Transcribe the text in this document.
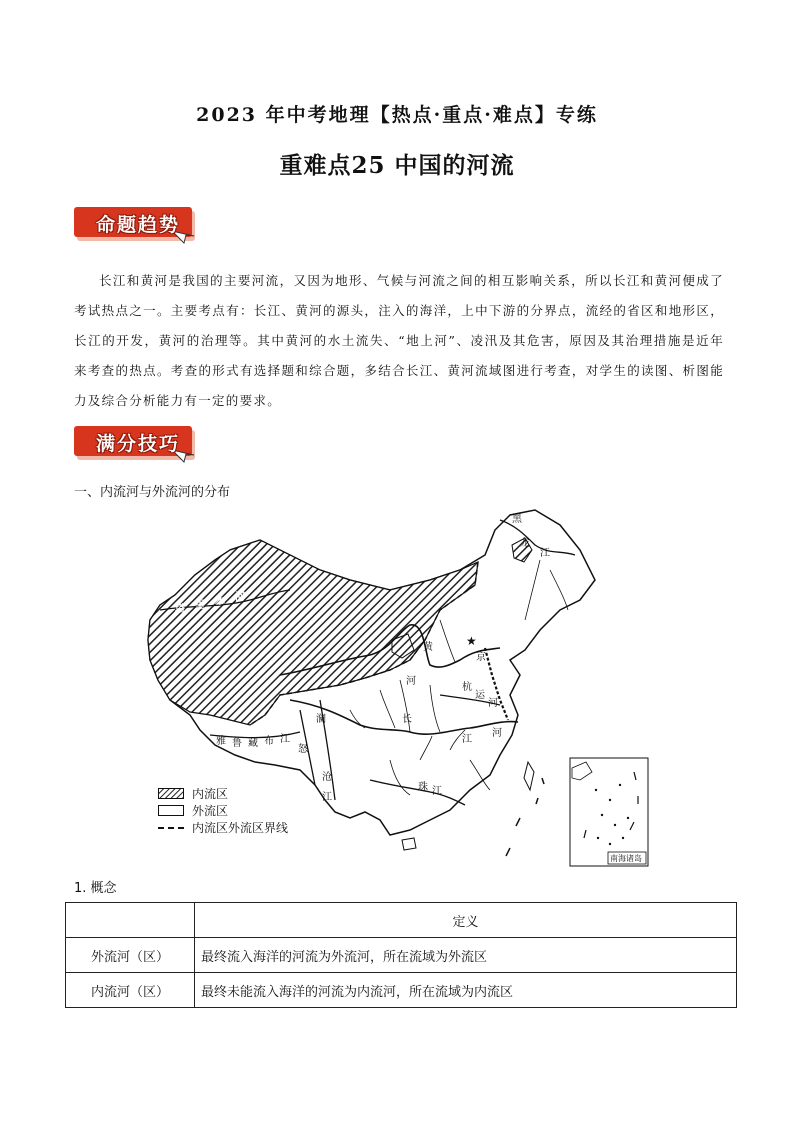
2023 年中考地理【热点·重点·难点】专练
重难点25 中国的河流
命题趋势
长江和黄河是我国的主要河流，又因为地形、气候与河流之间的相互影响关系，所以长江和黄河便成了考试热点之一。主要考点有：长江、黄河的源头，注入的海洋，上中下游的分界点，流经的省区和地形区，长江的开发，黄河的治理等。其中黄河的水土流失、“地上河”、凌汛及其危害，原因及其治理措施是近年来考查的热点。考查的形式有选择题和综合题，多结合长江、黄河流域图进行考查，对学生的读图、析图能力及综合分析能力有一定的要求。
满分技巧
一、内流河与外流河的分布
★
黑
龙
江
塔 里 木 河
黄
河
京
杭
运
河
河
长
江
雅 鲁 藏 布 江
怒
澜
沧
江
珠 江
南海诸岛
内流区
外流区
内流区外流区界线
1. 概念
	定义
外流河（区）	最终流入海洋的河流为外流河，所在流域为外流区
内流河（区）	最终未能流入海洋的河流为内流河，所在流域为内流区
